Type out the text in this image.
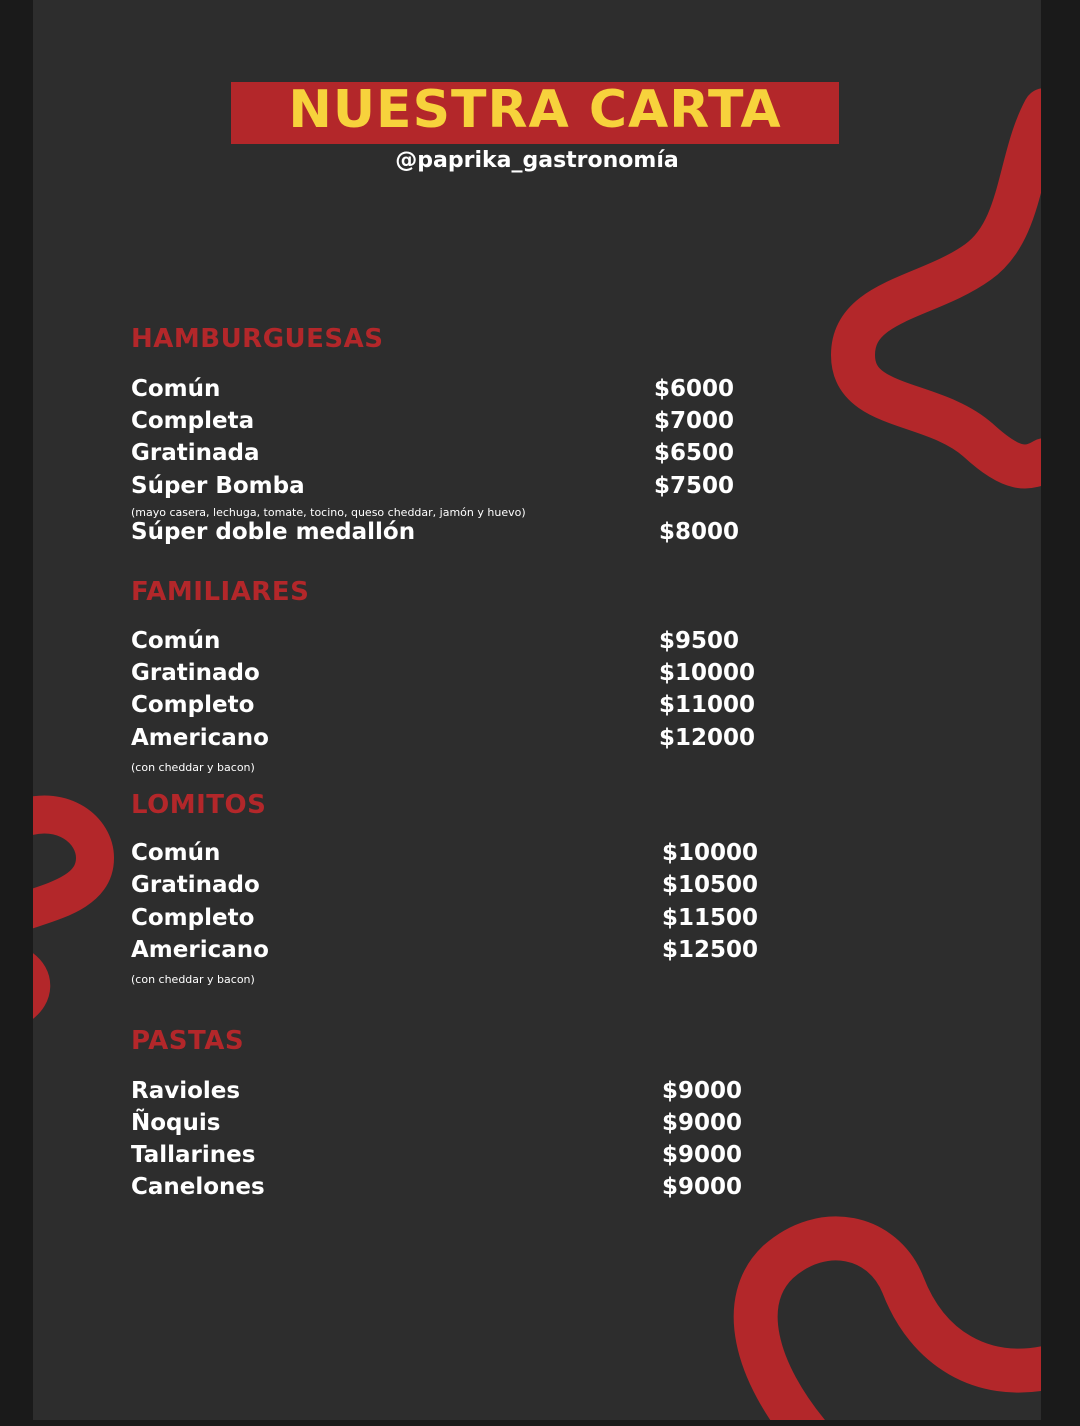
NUESTRA CARTA
@paprika_gastronomía
HAMBURGUESAS
Común	$6000
Completa	$7000
Gratinada	$6500
Súper Bomba	$7500
(mayo casera, lechuga, tomate, tocino, queso cheddar, jamón y huevo)
Súper doble medallón	$8000
FAMILIARES
Común	$9500
Gratinado	$10000
Completo	$11000
Americano	$12000
(con cheddar y bacon)
LOMITOS
Común	$10000
Gratinado	$10500
Completo	$11500
Americano	$12500
(con cheddar y bacon)
PASTAS
Ravioles	$9000
Ñoquis	$9000
Tallarines	$9000
Canelones	$9000
